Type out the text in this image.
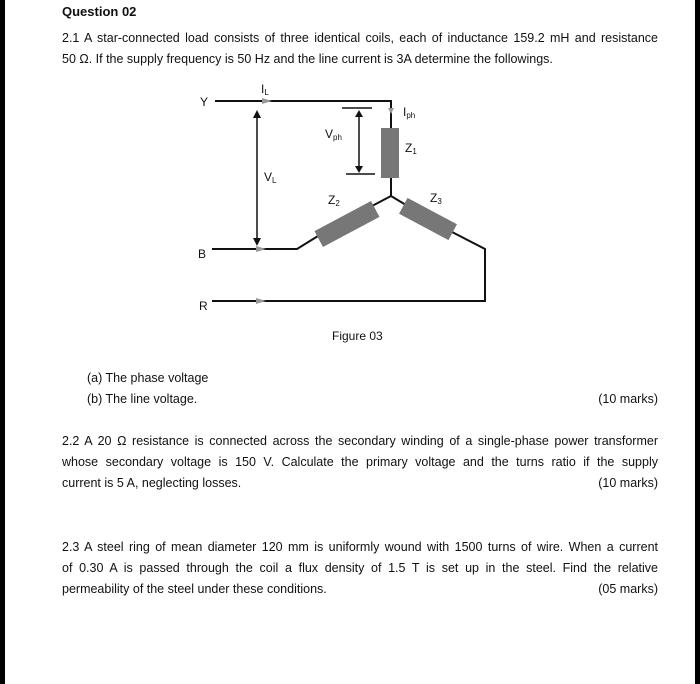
Question 02
2.1 A star-connected load consists of three identical coils, each of inductance 159.2 mH and resistance
50 Ω. If the supply frequency is 50 Hz and the line current is 3A determine the followings.
Y
B
R
IL
Iph
Vph
VL
Z1
Z2	Z3
Figure 03
(a) The phase voltage
(b) The line voltage.	(10 marks)
2.2 A 20 Ω resistance is connected across the secondary winding of a single-phase power transformer
whose secondary voltage is 150 V. Calculate the primary voltage and the turns ratio if the supply
current is 5 A, neglecting losses.	(10 marks)
2.3 A steel ring of mean diameter 120 mm is uniformly wound with 1500 turns of wire. When a current
of 0.30 A is passed through the coil a flux density of 1.5 T is set up in the steel. Find the relative
permeability of the steel under these conditions.	(05 marks)
